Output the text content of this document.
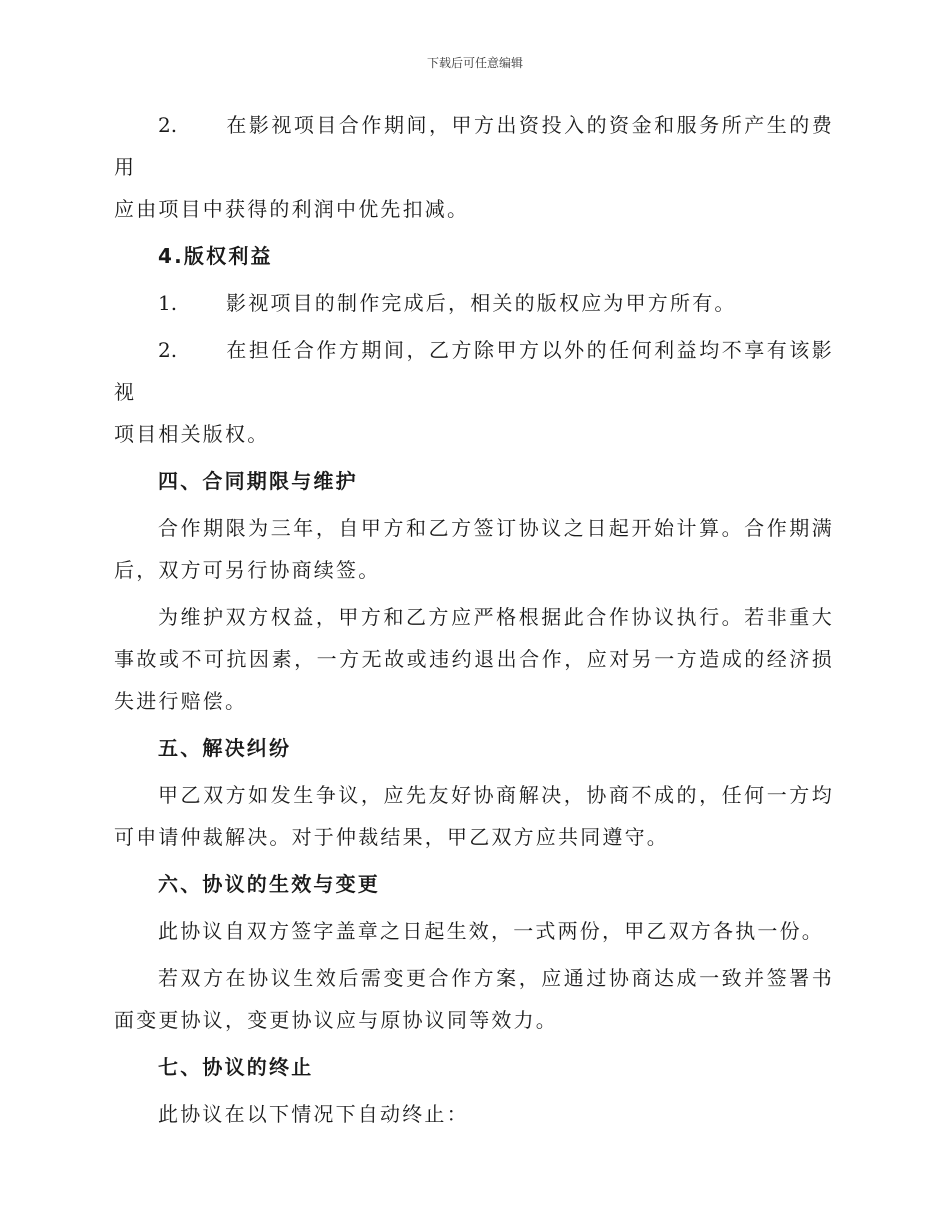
下载后可任意编辑

2. 在影视项目合作期间，甲方出资投入的资金和服务所产生的费用
应由项目中获得的利润中优先扣减。

4.版权利益

1. 影视项目的制作完成后，相关的版权应为甲方所有。

2. 在担任合作方期间，乙方除甲方以外的任何利益均不享有该影视
项目相关版权。

四、合同期限与维护

合作期限为三年，自甲方和乙方签订协议之日起开始计算。合作期满后，双方可另行协商续签。

为维护双方权益，甲方和乙方应严格根据此合作协议执行。若非重大事故或不可抗因素，一方无故或违约退出合作，应对另一方造成的经济损失进行赔偿。

五、解决纠纷

甲乙双方如发生争议，应先友好协商解决，协商不成的，任何一方均可申请仲裁解决。对于仲裁结果，甲乙双方应共同遵守。

六、协议的生效与变更

此协议自双方签字盖章之日起生效，一式两份，甲乙双方各执一份。

若双方在协议生效后需变更合作方案，应通过协商达成一致并签署书面变更协议，变更协议应与原协议同等效力。

七、协议的终止

此协议在以下情况下自动终止：
